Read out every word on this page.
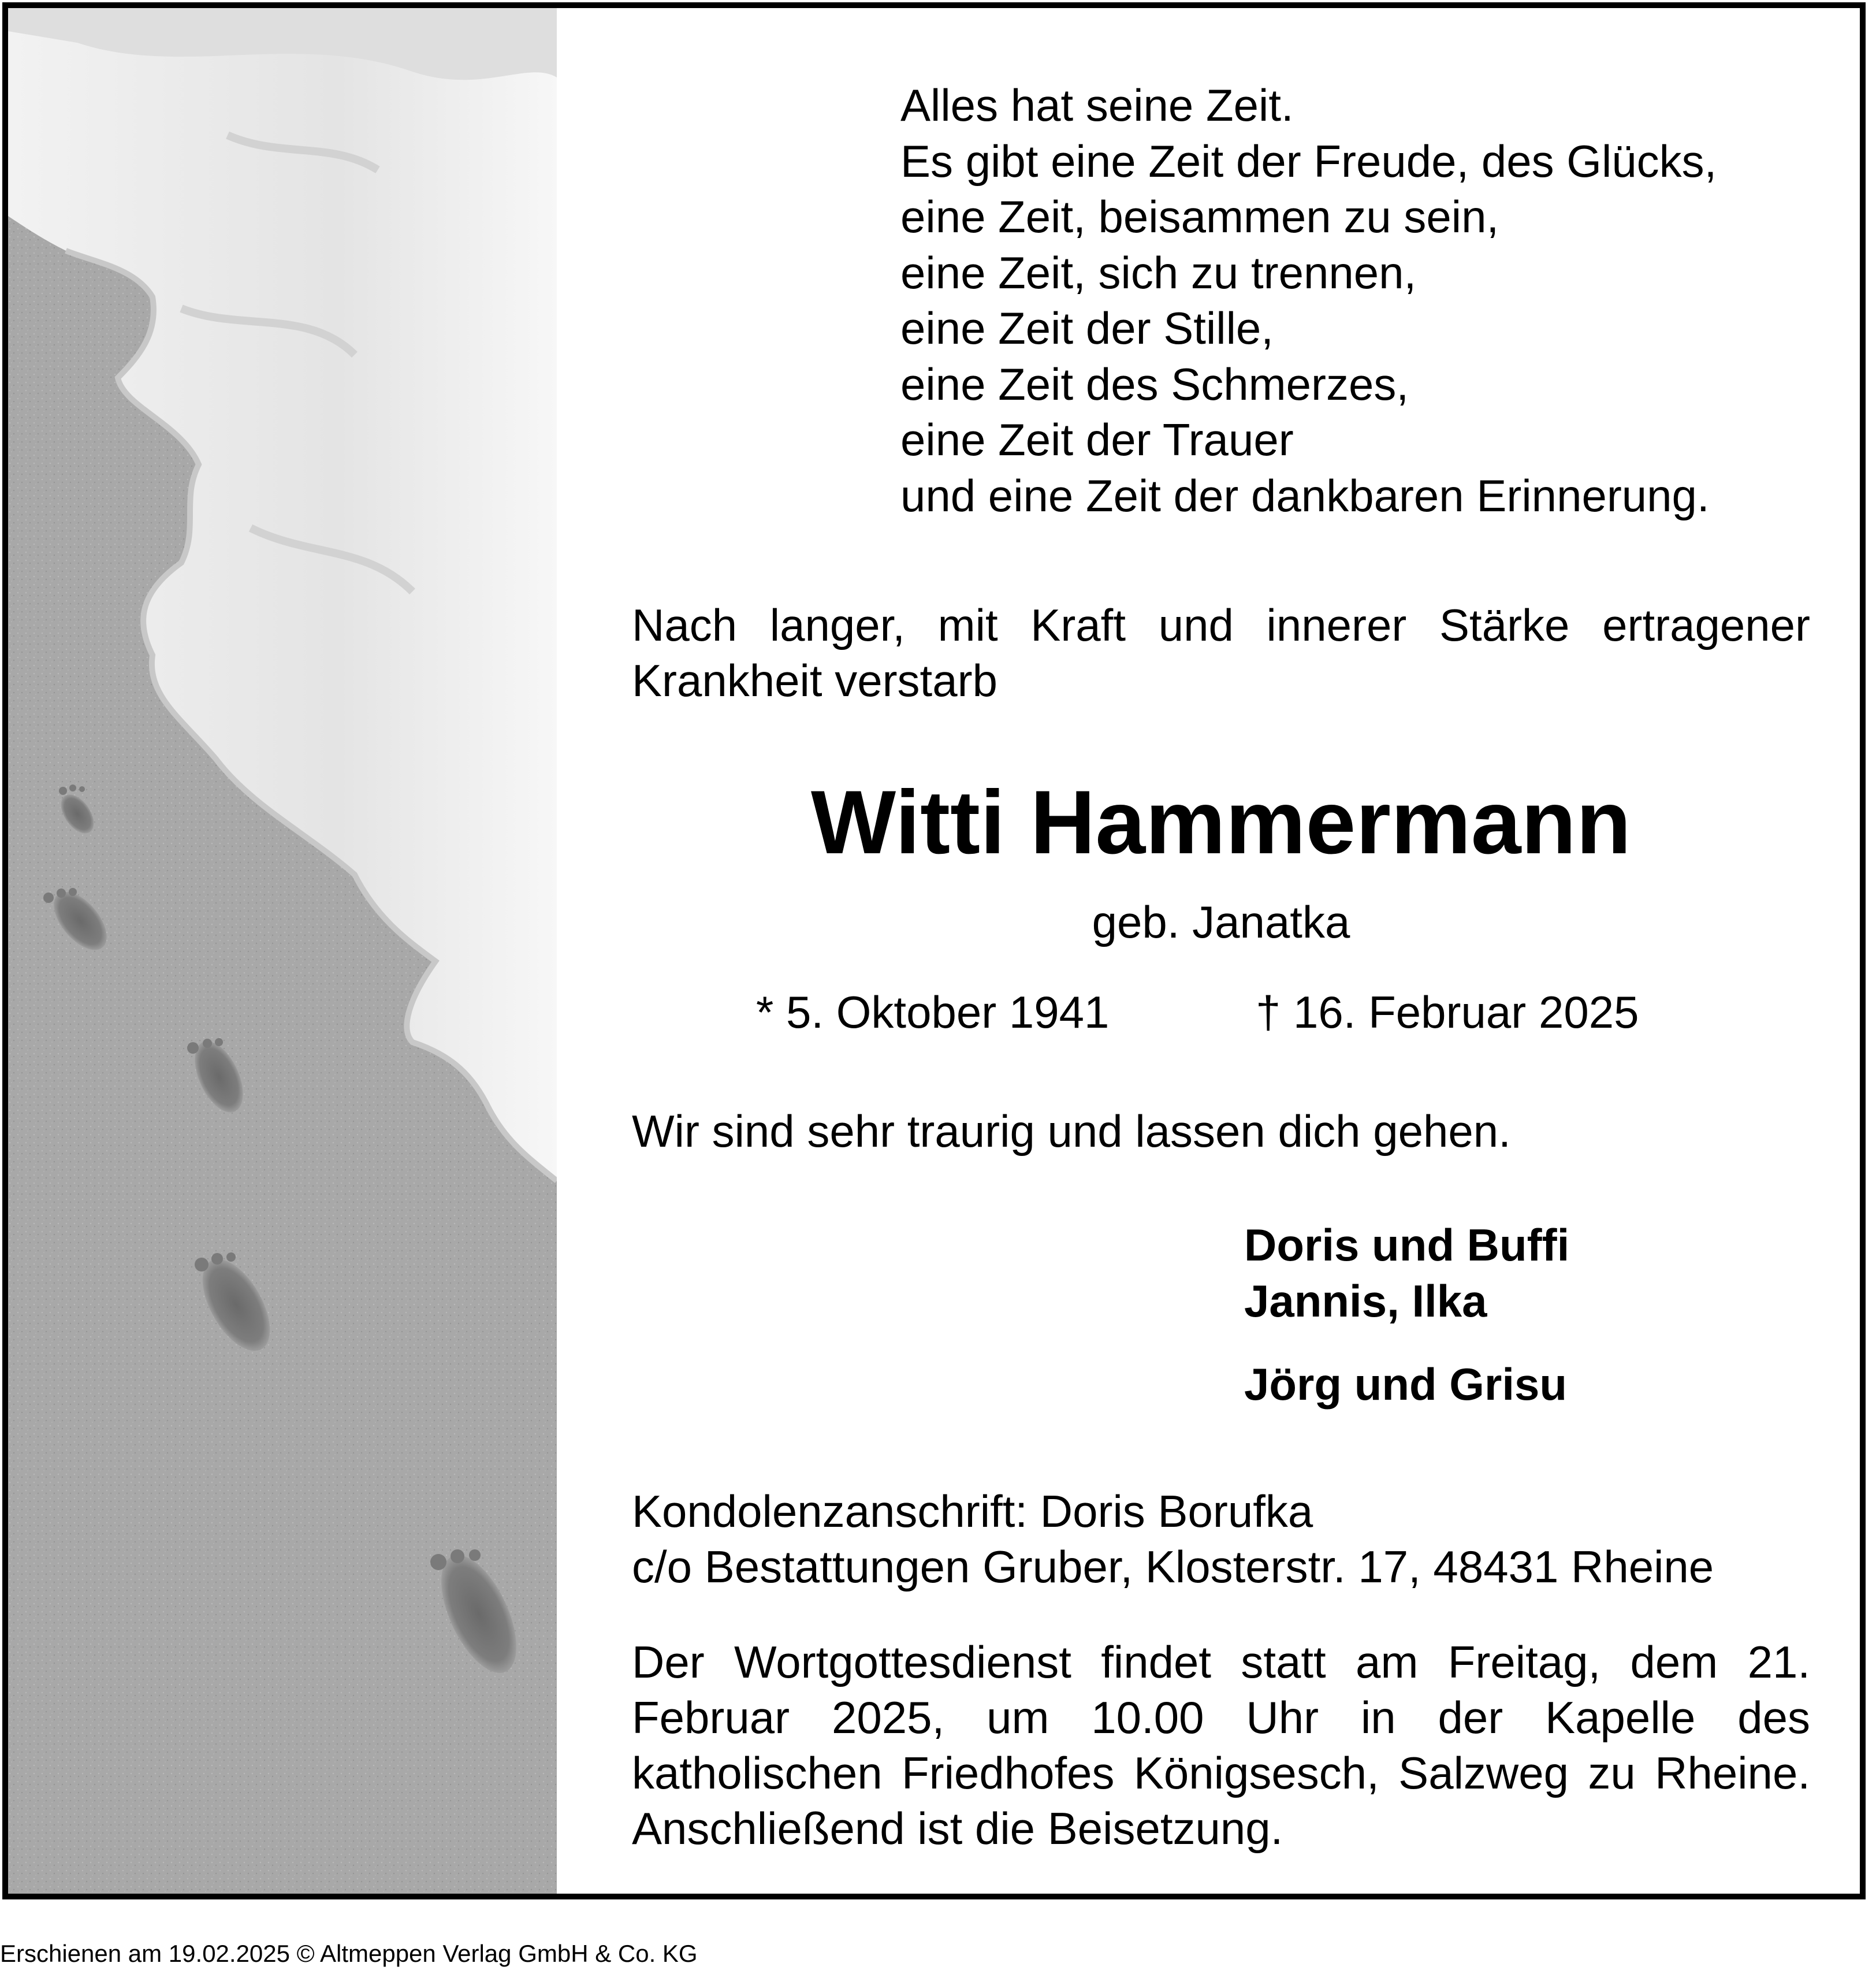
Alles hat seine Zeit.
Es gibt eine Zeit der Freude, des Glücks,
eine Zeit, beisammen zu sein,
eine Zeit, sich zu trennen,
eine Zeit der Stille,
eine Zeit des Schmerzes,
eine Zeit der Trauer
und eine Zeit der dankbaren Erinnerung.
Nach langer, mit Kraft und innerer Stärke ertragener Krankheit verstarb
Witti Hammermann
geb. Janatka
* 5. Oktober 1941	† 16. Februar 2025
Wir sind sehr traurig und lassen dich gehen.
Doris und Buffi
Jannis, Ilka
Jörg und Grisu
Kondolenzanschrift: Doris Borufka
c/o Bestattungen Gruber, Klosterstr. 17, 48431 Rheine
Der Wortgottesdienst findet statt am Freitag, dem 21. Februar 2025, um 10.00 Uhr in der Kapelle des katholischen Friedhofes Königsesch, Salzweg zu Rheine. Anschließend ist die Beisetzung.
Erschienen am 19.02.2025 © Altmeppen Verlag GmbH & Co. KG
